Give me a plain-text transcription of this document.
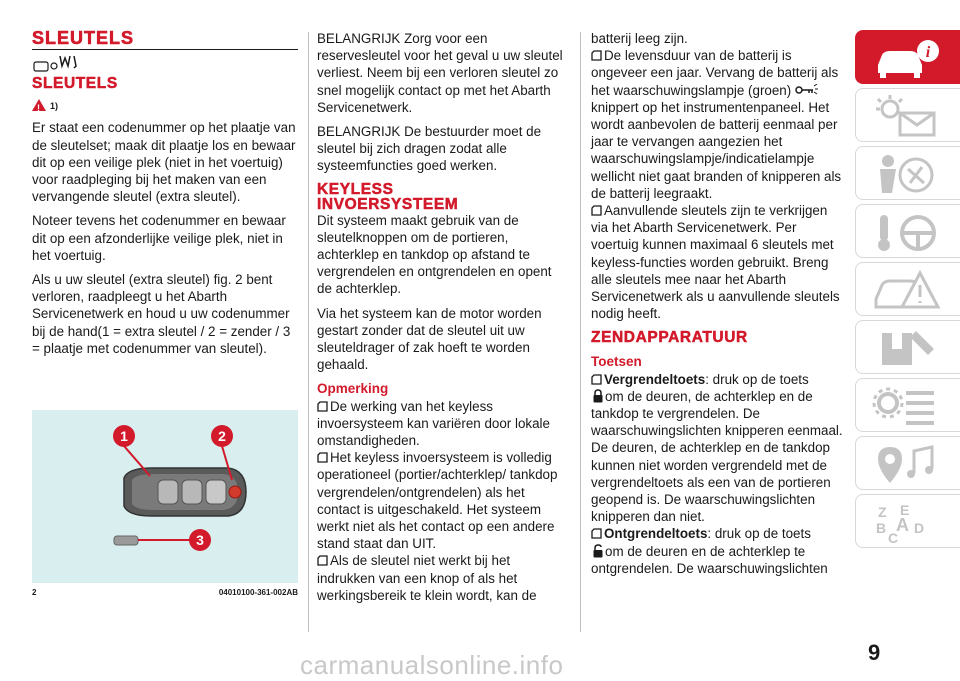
SLEUTELS
SLEUTELS
!1)

Er staat een codenummer op het plaatje van de sleutelset; maak dit plaatje los en bewaar dit op een veilige plek (niet in het voertuig) voor raadpleging bij het maken van een vervangende sleutel (extra sleutel).

Noteer tevens het codenummer en bewaar dit op een afzonderlijke veilige plek, niet in het voertuig.

Als u uw sleutel (extra sleutel) fig. 2 bent verloren, raadpleegt u het Abarth Servicenetwerk en houd u uw codenummer bij de hand(1 = extra sleutel / 2 = zender / 3 = plaatje met codenummer van sleutel).

1	2
3
2	04010100-361-002AB

BELANGRIJK Zorg voor een reservesleutel voor het geval u uw sleutel verliest. Neem bij een verloren sleutel zo snel mogelijk contact op met het Abarth Servicenetwerk.

BELANGRIJK De bestuurder moet de sleutel bij zich dragen zodat alle systeemfuncties goed werken.

KEYLESS
INVOERSYSTEEM

Dit systeem maakt gebruik van de sleutelknoppen om de portieren, achterklep en tankdop op afstand te vergrendelen en ontgrendelen en opent de achterklep.

Via het systeem kan de motor worden gestart zonder dat de sleutel uit uw sleuteldrager of zak hoeft te worden gehaald.

Opmerking
De werking van het keyless invoersysteem kan variëren door lokale omstandigheden.
Het keyless invoersysteem is volledig operationeel (portier/achterklep/ tankdop vergrendelen/ontgrendelen) als het contact is uitgeschakeld. Het systeem werkt niet als het contact op een andere stand staat dan UIT.
Als de sleutel niet werkt bij het indrukken van een knop of als het werkingsbereik te klein wordt, kan de
batterij leeg zijn.
De levensduur van de batterij is ongeveer een jaar. Vervang de batterij als het waarschuwingslampje (groen) knippert op het instrumentenpaneel. Het wordt aanbevolen de batterij eenmaal per jaar te vervangen aangezien het waarschuwingslampje/indicatielampje wellicht niet gaat branden of knipperen als de batterij leegraakt.
Aanvullende sleutels zijn te verkrijgen via het Abarth Servicenetwerk. Per voertuig kunnen maximaal 6 sleutels met keyless-functies worden gebruikt. Breng alle sleutels mee naar het Abarth Servicenetwerk als u aanvullende sleutels nodig heeft.
ZENDAPPARATUUR
Toetsen
Vergrendeltoets: druk op de toets

om de deuren, de achterklep en de tankdop te vergrendelen. De waarschuwingslichten knipperen eenmaal. De deuren, de achterklep en de tankdop kunnen niet worden vergrendeld met de vergrendeltoets als een van de portieren geopend is. De waarschuwingslichten knipperen dan niet.
Ontgrendeltoets: druk op de toets

om de deuren en de achterklep te ontgrendelen. De waarschuwingslichten
i
Z E
B A D
C
9
carmanualsonline.info
